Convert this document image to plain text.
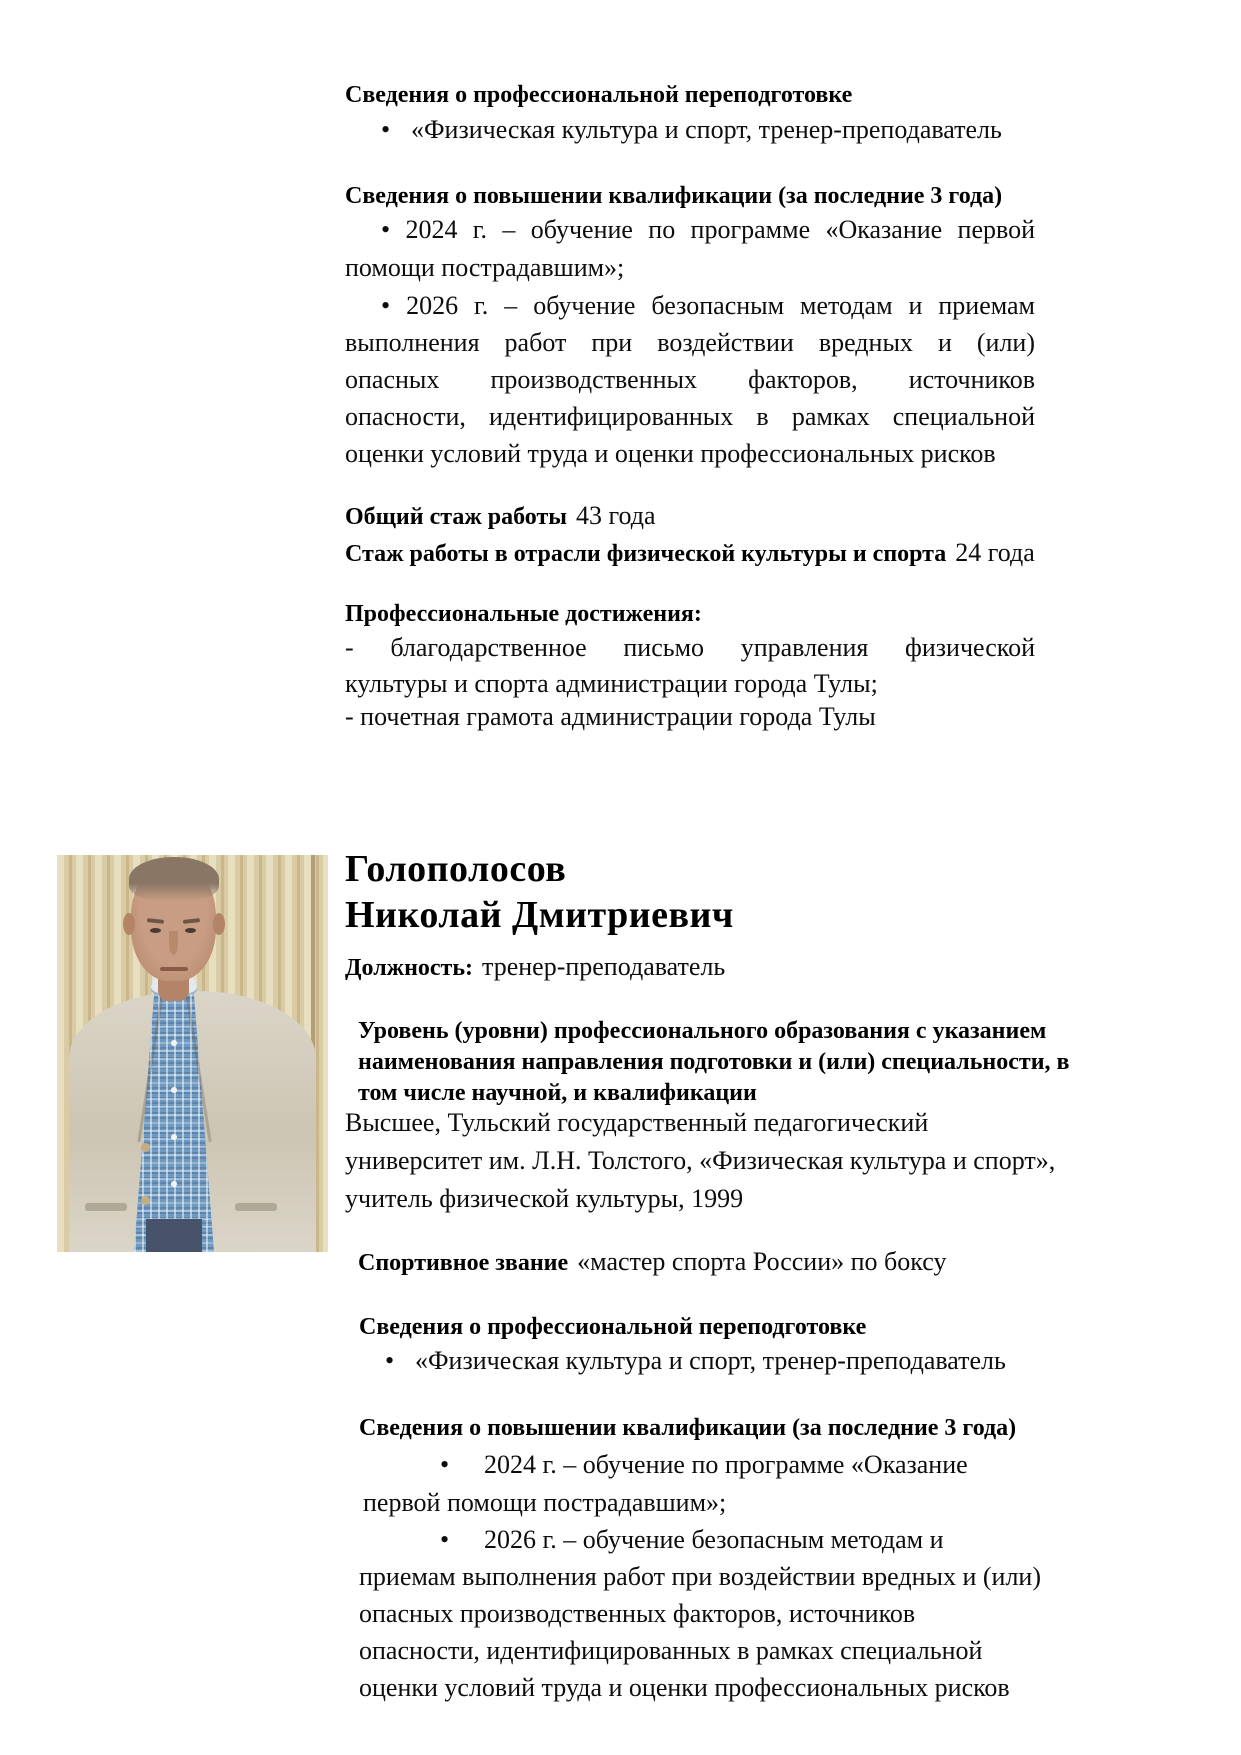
Сведения о профессиональной переподготовке
• «Физическая культура и спорт, тренер-преподаватель
Сведения о повышении квалификации (за последние 3 года)
• 2024 г. – обучение по программе «Оказание первой
помощи пострадавшим»;
• 2026 г. – обучение безопасным методам и приемам
выполнения работ при воздействии вредных и (или)
опасных производственных факторов, источников
опасности, идентифицированных в рамках специальной
оценки условий труда и оценки профессиональных рисков
Общий стаж работы 43 года
Стаж работы в отрасли физической культуры и спорта 24 года
Профессиональные достижения:
- благодарственное письмо управления физической
культуры и спорта администрации города Тулы;
- почетная грамота администрации города Тулы
Голополосов
Николай Дмитриевич
Должность: тренер-преподаватель
Уровень (уровни) профессионального образования с указанием
наименования направления подготовки и (или) специальности, в
том числе научной, и квалификации
Высшее, Тульский государственный педагогический
университет им. Л.Н. Толстого, «Физическая культура и спорт»,
учитель физической культуры, 1999
Спортивное звание «мастер спорта России» по боксу
Сведения о профессиональной переподготовке
• «Физическая культура и спорт, тренер-преподаватель
Сведения о повышении квалификации (за последние 3 года)
• 2024 г. – обучение по программе «Оказание
первой помощи пострадавшим»;
• 2026 г. – обучение безопасным методам и
приемам выполнения работ при воздействии вредных и (или)
опасных производственных факторов, источников
опасности, идентифицированных в рамках специальной
оценки условий труда и оценки профессиональных рисков
